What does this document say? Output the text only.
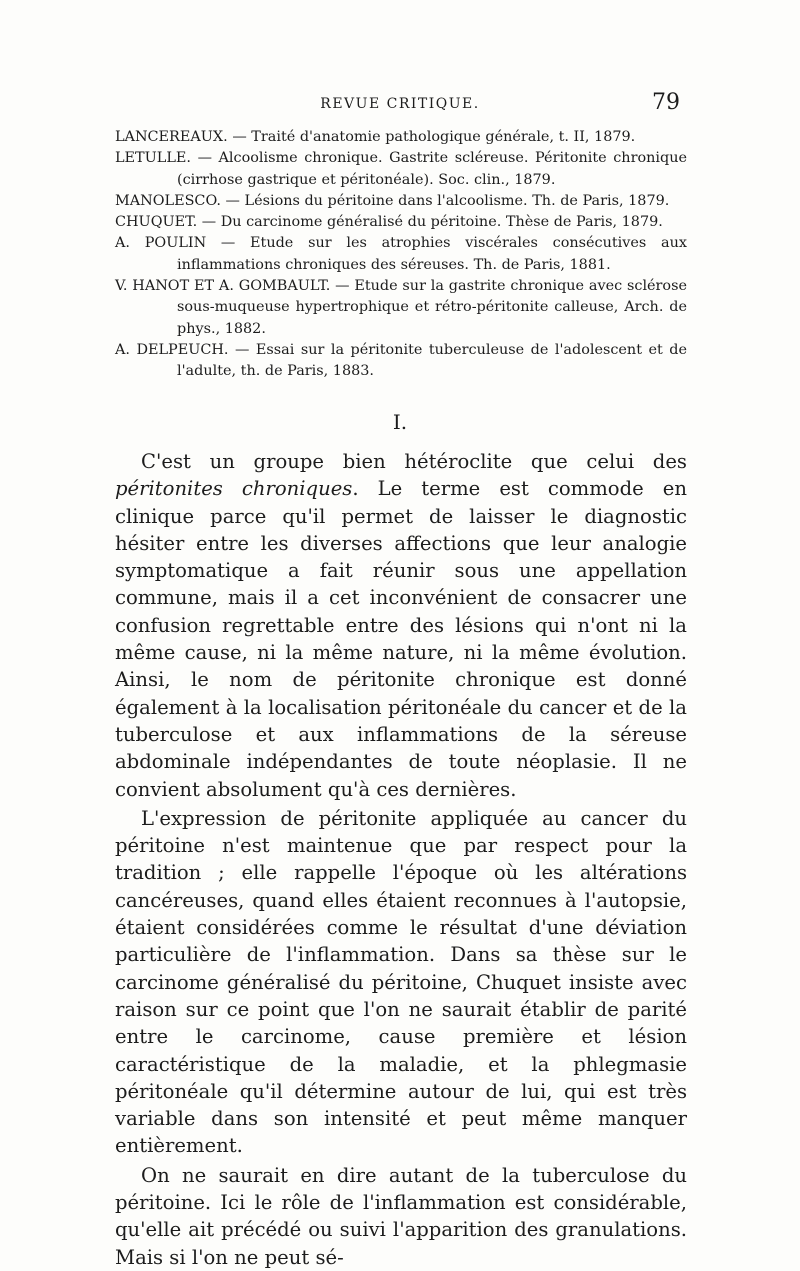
REVUE CRITIQUE.	79

LANCEREAUX. — Traité d'anatomie pathologique générale, t. II, 1879.

LETULLE. — Alcoolisme chronique. Gastrite scléreuse. Péritonite chronique (cirrhose gastrique et péritonéale). Soc. clin., 1879.

MANOLESCO. — Lésions du péritoine dans l'alcoolisme. Th. de Paris, 1879.

CHUQUET. — Du carcinome généralisé du péritoine. Thèse de Paris, 1879.

A. POULIN — Etude sur les atrophies viscérales consécutives aux inflammations chroniques des séreuses. Th. de Paris, 1881.

V. HANOT ET A. GOMBAULT. — Etude sur la gastrite chronique avec sclérose sous-muqueuse hypertrophique et rétro-péritonite calleuse, Arch. de phys., 1882.

A. DELPEUCH. — Essai sur la péritonite tuberculeuse de l'adolescent et de l'adulte, th. de Paris, 1883.

I.

C'est un groupe bien hétéroclite que celui des péritonites chroniques. Le terme est commode en clinique parce qu'il permet de laisser le diagnostic hésiter entre les diverses affections que leur analogie symptomatique a fait réunir sous une appellation commune, mais il a cet inconvénient de consacrer une confusion regrettable entre des lésions qui n'ont ni la même cause, ni la même nature, ni la même évolution. Ainsi, le nom de péritonite chronique est donné également à la localisation péritonéale du cancer et de la tuberculose et aux inflammations de la séreuse abdominale indépendantes de toute néoplasie. Il ne convient absolument qu'à ces dernières.

L'expression de péritonite appliquée au cancer du péritoine n'est maintenue que par respect pour la tradition ; elle rappelle l'époque où les altérations cancéreuses, quand elles étaient reconnues à l'autopsie, étaient considérées comme le résultat d'une déviation particulière de l'inflammation. Dans sa thèse sur le carcinome généralisé du péritoine, Chuquet insiste avec raison sur ce point que l'on ne saurait établir de parité entre le carcinome, cause première et lésion caractéristique de la maladie, et la phlegmasie péritonéale qu'il détermine autour de lui, qui est très variable dans son intensité et peut même manquer entièrement.

On ne saurait en dire autant de la tuberculose du péritoine. Ici le rôle de l'inflammation est considérable, qu'elle ait précédé ou suivi l'apparition des granulations. Mais si l'on ne peut sé-
